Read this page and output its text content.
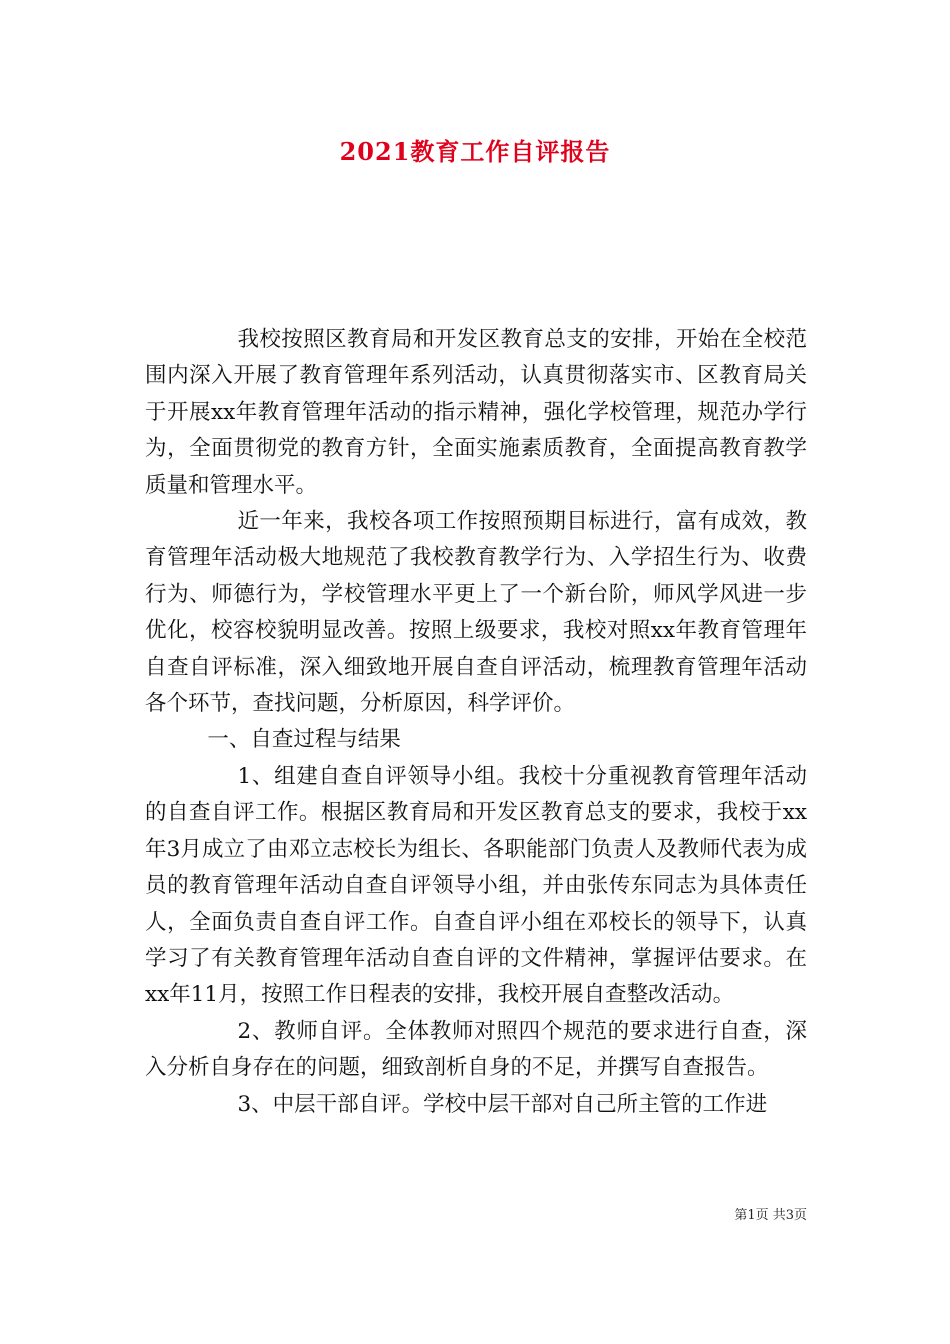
2021教育工作自评报告

我校按照区教育局和开发区教育总支的安排，开始在全校范围内深入开展了教育管理年系列活动，认真贯彻落实市、区教育局关于开展xx年教育管理年活动的指示精神，强化学校管理，规范办学行为，全面贯彻党的教育方针，全面实施素质教育，全面提高教育教学质量和管理水平。

近一年来，我校各项工作按照预期目标进行，富有成效，教育管理年活动极大地规范了我校教育教学行为、入学招生行为、收费行为、师德行为，学校管理水平更上了一个新台阶，师风学风进一步优化，校容校貌明显改善。按照上级要求，我校对照xx年教育管理年自查自评标准，深入细致地开展自查自评活动，梳理教育管理年活动各个环节，查找问题，分析原因，科学评价。

一、自查过程与结果

1、组建自查自评领导小组。我校十分重视教育管理年活动的自查自评工作。根据区教育局和开发区教育总支的要求，我校于xx年3月成立了由邓立志校长为组长、各职能部门负责人及教师代表为成员的教育管理年活动自查自评领导小组，并由张传东同志为具体责任人，全面负责自查自评工作。自查自评小组在邓校长的领导下，认真学习了有关教育管理年活动自查自评的文件精神，掌握评估要求。在xx年11月，按照工作日程表的安排，我校开展自查整改活动。

2、教师自评。全体教师对照四个规范的要求进行自查，深入分析自身存在的问题，细致剖析自身的不足，并撰写自查报告。

3、中层干部自评。学校中层干部对自己所主管的工作进

第1页 共3页
